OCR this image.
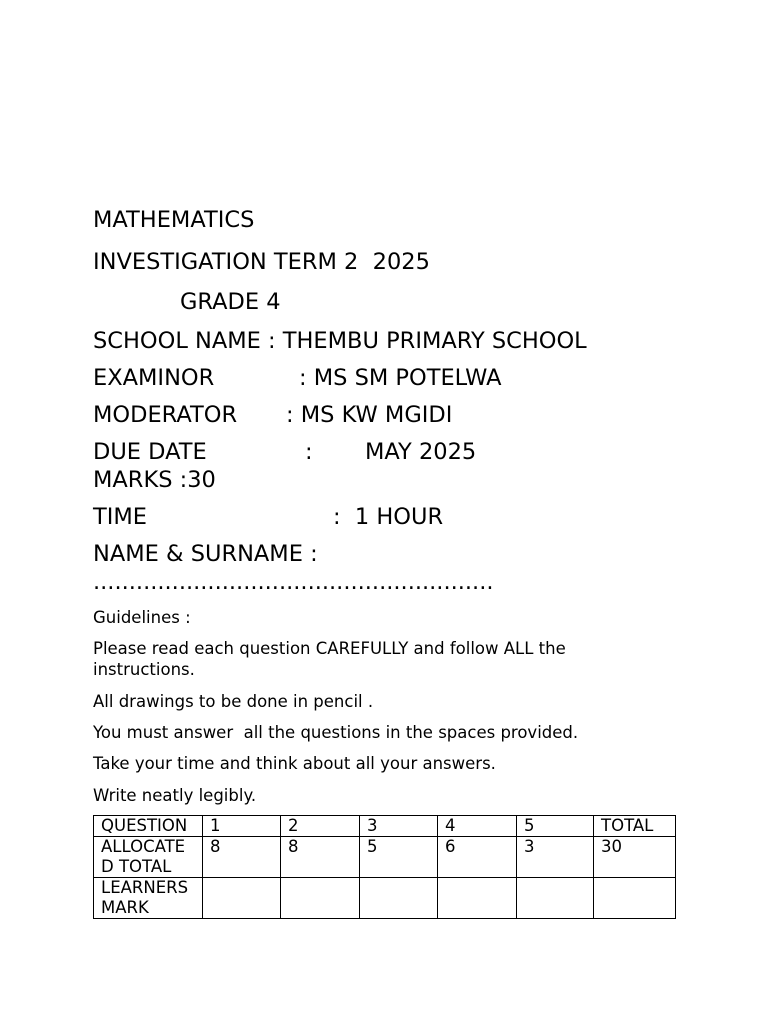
MATHEMATICS

INVESTIGATION TERM 2  2025

GRADE 4

SCHOOL NAME : THEMBU PRIMARY SCHOOL

EXAMINOR	: MS SM POTELWA

MODERATOR : MS KW MGIDI

DUE DATE	: MAY 2025

MARKS :30

TIME	:  1 HOUR

NAME & SURNAME :

........................................................

Guidelines :

Please read each question CAREFULLY and follow ALL the instructions.

All drawings to be done in pencil .

You must answer  all the questions in the spaces provided.

Take your time and think about all your answers.

Write neatly legibly.

QUESTION	1	2	3	4	5	TOTAL
ALLOCATED TOTAL	8	8	5	6	3	30
LEARNERS MARK						
